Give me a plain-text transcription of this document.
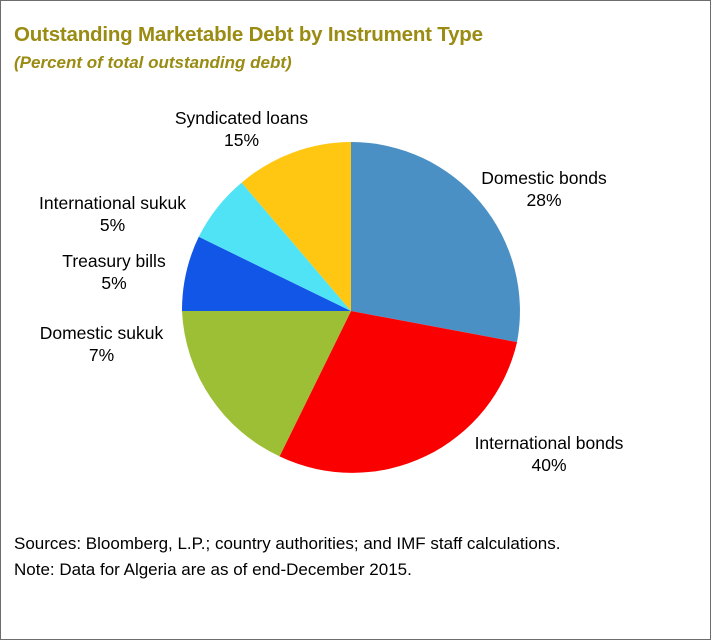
Outstanding Marketable Debt by Instrument Type
(Percent of total outstanding debt)
Syndicated loans
15%
International sukuk
5%
Treasury bills
5%
Domestic sukuk
7%
Domestic bonds
28%
International bonds
40%
Sources: Bloomberg, L.P.; country authorities; and IMF staff calculations.
Note: Data for Algeria are as of end-December 2015.
